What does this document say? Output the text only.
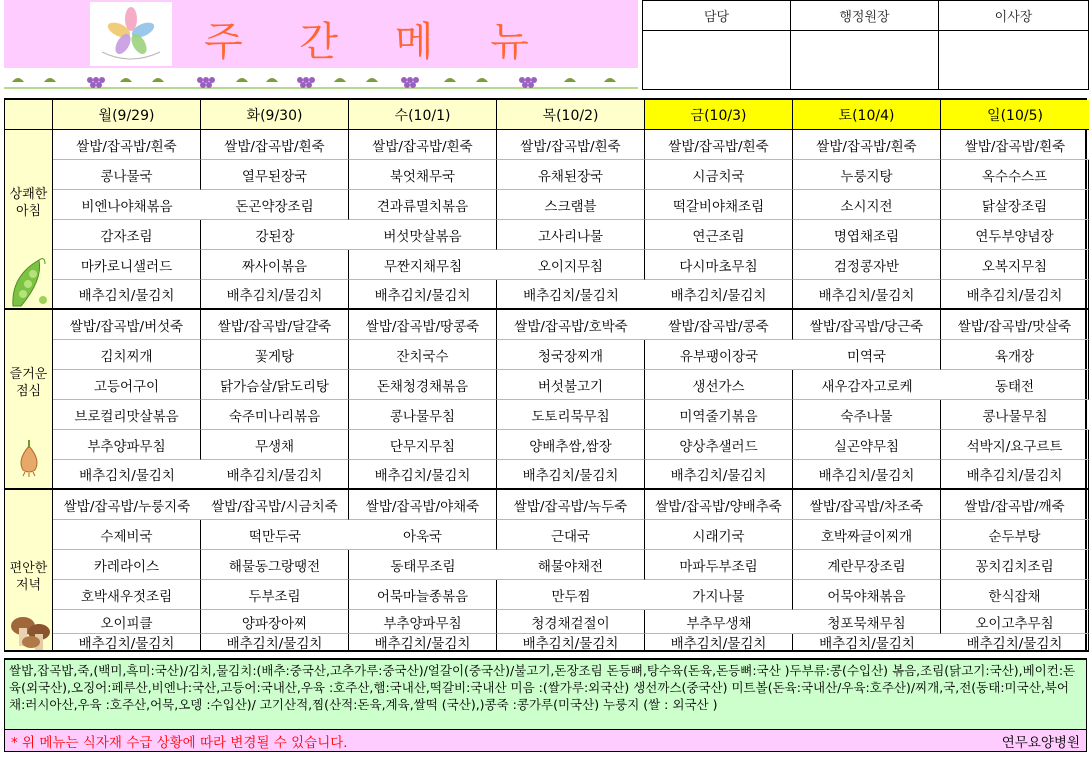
주 간 메 뉴
담당	행정원장	이사장
월(9/29)	화(9/30)	수(10/1)	목(10/2)	금(10/3)	토(10/4)	일(10/5)
상쾌한
아침
쌀밥/잡곡밥/흰죽	쌀밥/잡곡밥/흰죽	쌀밥/잡곡밥/흰죽	쌀밥/잡곡밥/흰죽	쌀밥/잡곡밥/흰죽	쌀밥/잡곡밥/흰죽	쌀밥/잡곡밥/흰죽
콩나물국	열무된장국	북엇채무국	유채된장국	시금치국	누룽지탕	옥수수스프
비엔나야채볶음	돈곤약장조림	견과류멸치볶음	스크램블	떡갈비야채조림	소시지전	닭살장조림
감자조림	강된장	버섯맛살볶음	고사리나물	연근조림	명엽채조림	연두부양념장
마카로니샐러드	짜사이볶음	무짠지채무침	오이지무침	다시마초무침	검정콩자반	오복지무침
배추김치/물김치	배추김치/물김치	배추김치/물김치	배추김치/물김치	배추김치/물김치	배추김치/물김치	배추김치/물김치
즐거운
점심
쌀밥/잡곡밥/버섯죽	쌀밥/잡곡밥/달걀죽	쌀밥/잡곡밥/땅콩죽	쌀밥/잡곡밥/호박죽	쌀밥/잡곡밥/콩죽	쌀밥/잡곡밥/당근죽	쌀밥/잡곡밥/맛살죽
김치찌개	꽃게탕	잔치국수	청국장찌개	유부팽이장국	미역국	육개장
고등어구이	닭가슴살/닭도리탕	돈채청경채볶음	버섯불고기	생선가스	새우감자고로케	동태전
브로컬리맛살볶음	숙주미나리볶음	콩나물무침	도토리묵무침	미역줄기볶음	숙주나물	콩나물무침
부추양파무침	무생채	단무지무침	양배추쌈,쌈장	양상추샐러드	실곤약무침	석박지/요구르트
배추김치/물김치	배추김치/물김치	배추김치/물김치	배추김치/물김치	배추김치/물김치	배추김치/물김치	배추김치/물김치
편안한
저녁
쌀밥/잡곡밥/누룽지죽	쌀밥/잡곡밥/시금치죽	쌀밥/잡곡밥/야채죽	쌀밥/잡곡밥/녹두죽	쌀밥/잡곡밥/양배추죽	쌀밥/잡곡밥/차조죽	쌀밥/잡곡밥/깨죽
수제비국	떡만두국	아욱국	근대국	시래기국	호박짜글이찌개	순두부탕
카레라이스	해물동그랑땡전	동태무조림	해물야채전	마파두부조림	계란무장조림	꽁치김치조림
호박새우젓조림	두부조림	어묵마늘종볶음	만두찜	가지나물	어묵야채볶음	한식잡채
오이피클	양파장아찌	부추양파무침	청경채겉절이	부추무생채	청포묵채무침	오이고추무침
배추김치/물김치	배추김치/물김치	배추김치/물김치	배추김치/물김치	배추김치/물김치	배추김치/물김치	배추김치/물김치
쌀밥,잡곡밥,죽,(백미,흑미:국산)/김치,물김치:(배추:중국산,고추가루:중국산)/얼갈이(중국산)/불고기,돈장조림 돈등뼈,탕수육(돈육,돈등뼈:국산 )두부류:콩(수입산) 볶음,조림(닭고기:국산),베이컨:돈육(외국산),오징어:페루산,비엔나:국산,고등어:국내산,우육 :호주산,햄:국내산,떡갈비:국내산 미음 :(쌀가루:외국산) 생선까스(중국산) 미트볼(돈육:국내산/우육:호주산)/찌개,국,전(동태:미국산,북어채:러시아산,우육 :호주산,어묵,오뎅 :수입산)/ 고기산적,찜(산적:돈육,계육,쌀떡 (국산),)콩죽 :콩가루(미국산) 누룽지 (쌀 : 외국산 )
* 위 메뉴는 식자재 수급 상황에 따라 변경될 수 있습니다.	연무요양병원
